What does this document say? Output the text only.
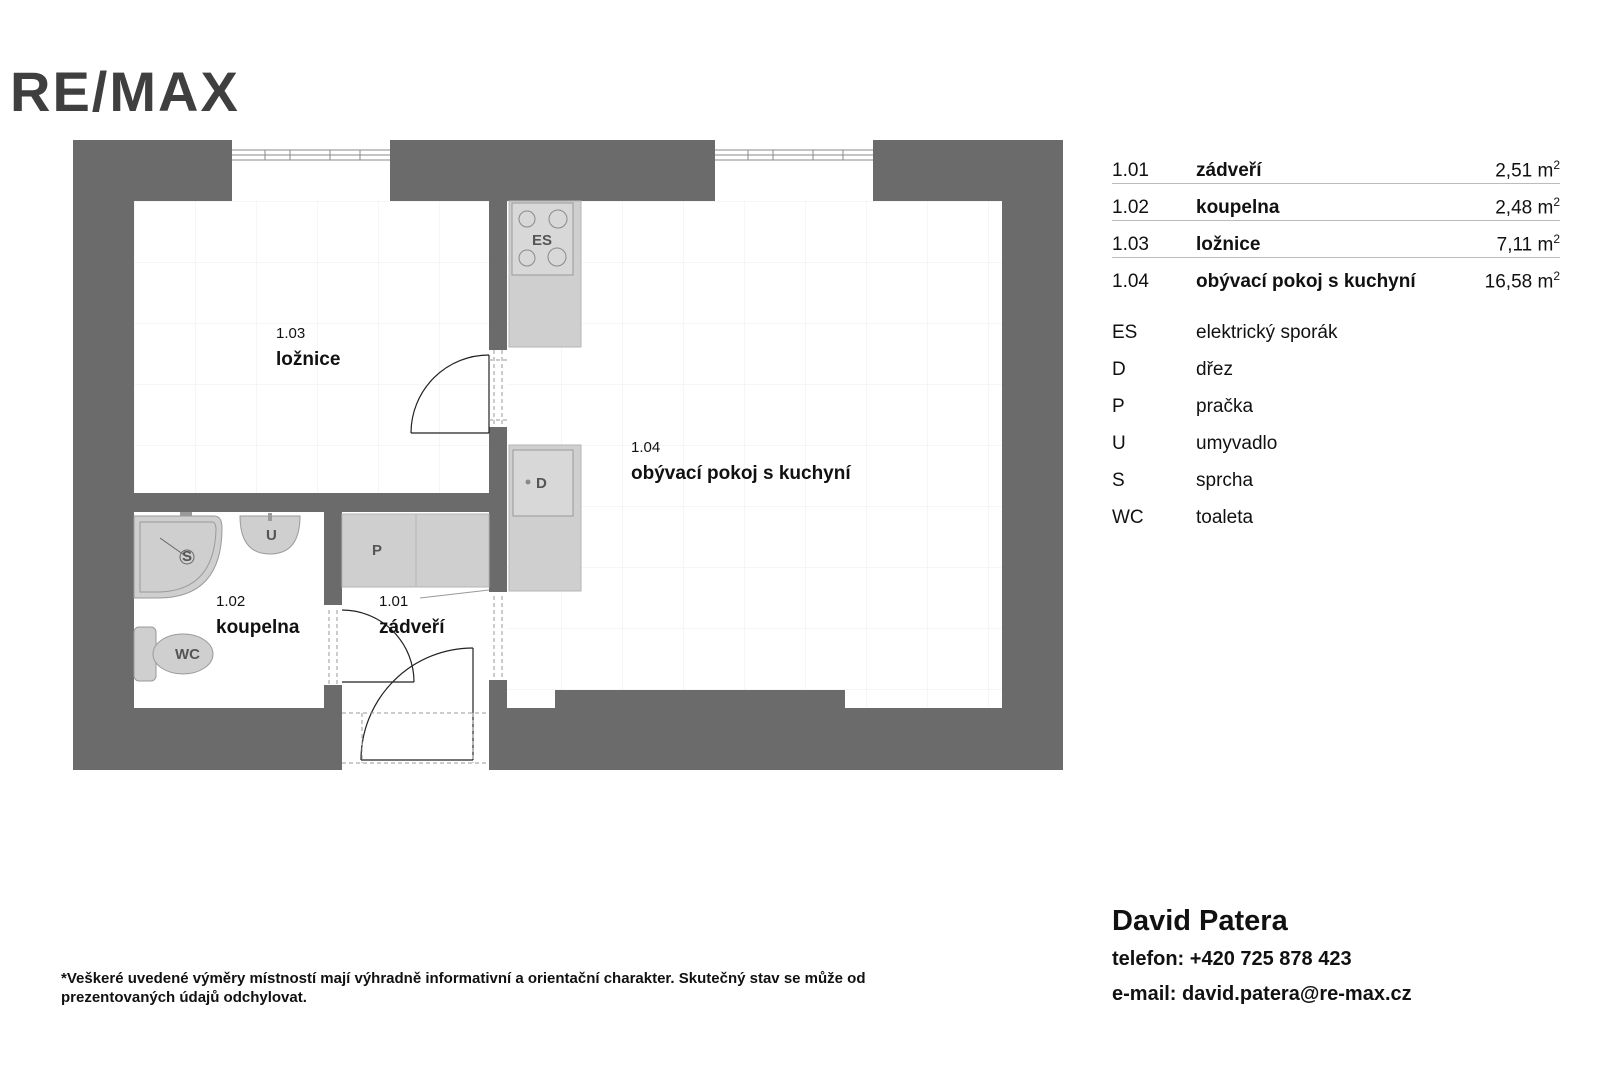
RE/MAX
ES
D
P
U
S
WC
1.03
ložnice
1.04
obývací pokoj s kuchyní
1.02
koupelna
1.01
zádveří
1.01	zádveří	2,51 $m^2$
1.02	koupelna	2,48 $m^2$
1.03	ložnice	7,11 $m^2$
1.04	obývací pokoj s kuchyní	16,58 $m^2$
ES	elektrický sporák
D	dřez
P	pračka
U	umyvadlo
S	sprcha
WC	toaleta
David Patera
telefon: +420 725 878 423
e-mail: david.patera@re-max.cz
*Veškeré uvedené výměry místností mají výhradně informativní a orientační charakter. Skutečný stav se může od prezentovaných údajů odchylovat.
